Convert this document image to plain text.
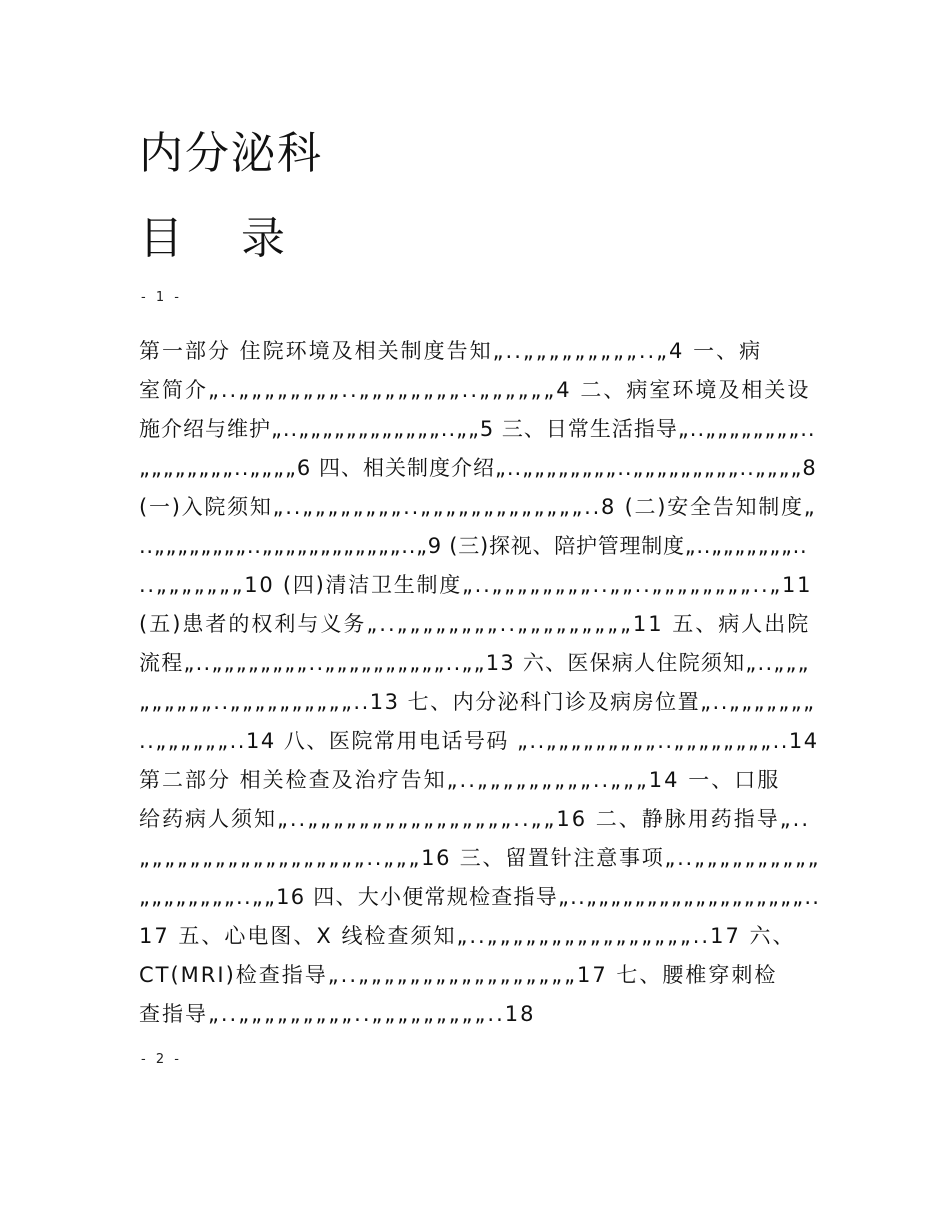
内分泌科
目 录
- 1 -
第一部分 住院环境及相关制度告知„..„„„„„„„„„..„4 一、病
室简介„..„„„„„„„„..„„„„„„„„..„„„„„„4 二、病室环境及相关设
施介绍与维护„..„„„„„„„„„„„„..„„5 三、日常生活指导„..„„„„„„„„..
„„„„„„„„..„„„„6 四、相关制度介绍„..„„„„„„„„..„„„„„„„„„..„„„„8
(一)入院须知„..„„„„„„„„..„„„„„„„„„„„„„..8 (二)安全告知制度„
..„„„„„„„„..„„„„„„„„„„„„..„9 (三)探视、陪护管理制度„..„„„„„„„..
..„„„„„„„10 (四)清洁卫生制度„..„„„„„„„„..„„..„„„„„„„„..„11
(五)患者的权利与义务„..„„„„„„„„..„„„„„„„„„11 五、病人出院
流程„..„„„„„„„„..„„„„„„„„„„..„„13 六、医保病人住院须知„..„„„
„„„„„„..„„„„„„„„„„..13 七、内分泌科门诊及病房位置„..„„„„„„„
..„„„„„„..14 八、医院常用电话号码 „..„„„„„„„„„..„„„„„„„„..14
第二部分 相关检查及治疗告知„..„„„„„„„„„..„„„14 一、口服
给药病人须知„..„„„„„„„„„„„„„„„„..„„16 二、静脉用药指导„..
„„„„„„„„„„„„„„„„„„..„„„16 三、留置针注意事项„..„„„„„„„„„„
„„„„„„„„..„„16 四、大小便常规检查指导„..„„„„„„„„„„„„„„„„„„..
17 五、心电图、X 线检查须知„..„„„„„„„„„„„„„„„„..17 六、
CT(MRI)检查指导„..„„„„„„„„„„„„„„„„„17 七、腰椎穿刺检
查指导„..„„„„„„„„„..„„„„„„„„„..18
- 2 -
